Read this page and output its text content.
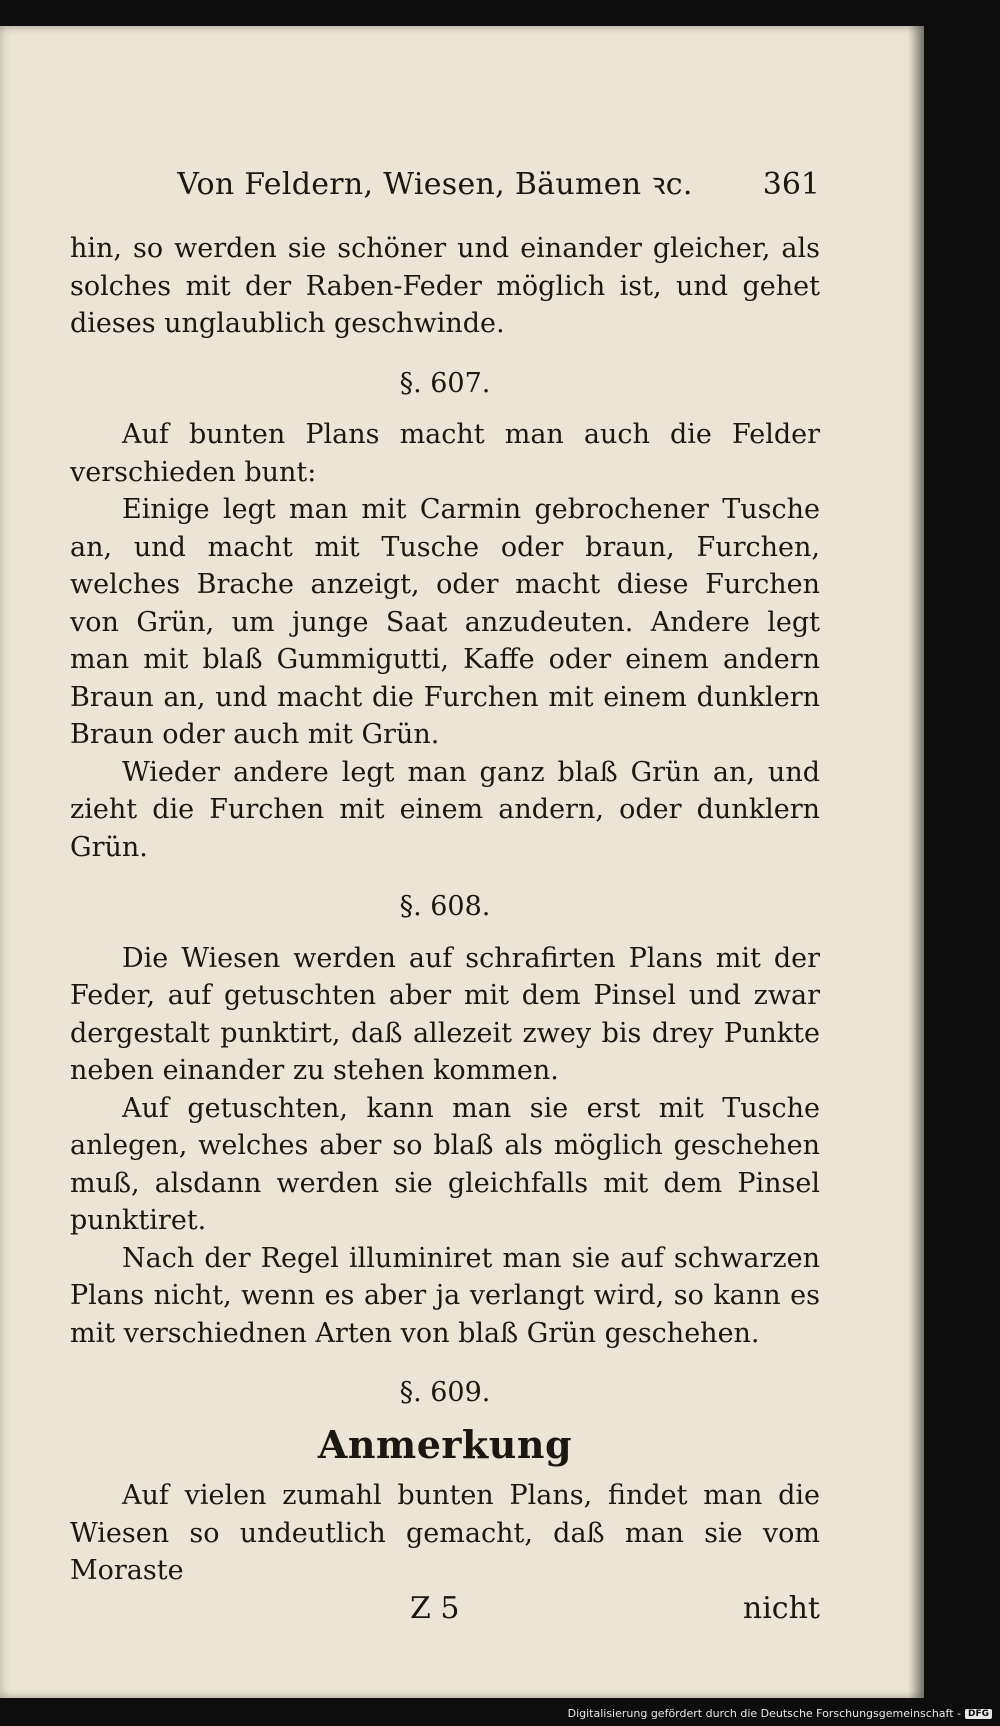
Von Feldern, Wiesen, Bäumen ꝛc.	361

hin, so werden sie schöner und einander gleicher, als solches mit der Raben-Feder möglich ist, und gehet dieses unglaublich geschwinde.

§. 607.

Auf bunten Plans macht man auch die Felder verschieden bunt:

Einige legt man mit Carmin gebrochener Tusche an, und macht mit Tusche oder braun, Furchen, welches Brache anzeigt, oder macht diese Furchen von Grün, um junge Saat anzudeuten. Andere legt man mit blaß Gummigutti, Kaffe oder einem andern Braun an, und macht die Furchen mit einem dunklern Braun oder auch mit Grün.

Wieder andere legt man ganz blaß Grün an, und zieht die Furchen mit einem andern, oder dunklern Grün.

§. 608.

Die Wiesen werden auf schrafirten Plans mit der Feder, auf getuschten aber mit dem Pinsel und zwar dergestalt punktirt, daß allezeit zwey bis drey Punkte neben einander zu stehen kommen.

Auf getuschten, kann man sie erst mit Tusche anlegen, welches aber so blaß als möglich geschehen muß, alsdann werden sie gleichfalls mit dem Pinsel punktiret.

Nach der Regel illuminiret man sie auf schwarzen Plans nicht, wenn es aber ja verlangt wird, so kann es mit verschiednen Arten von blaß Grün geschehen.

§. 609.
Anmerkung

Auf vielen zumahl bunten Plans, findet man die Wiesen so undeutlich gemacht, daß man sie vom Moraste

Z 5	nicht
Digitalisierung gefördert durch die Deutsche Forschungsgemeinschaft - DFG
